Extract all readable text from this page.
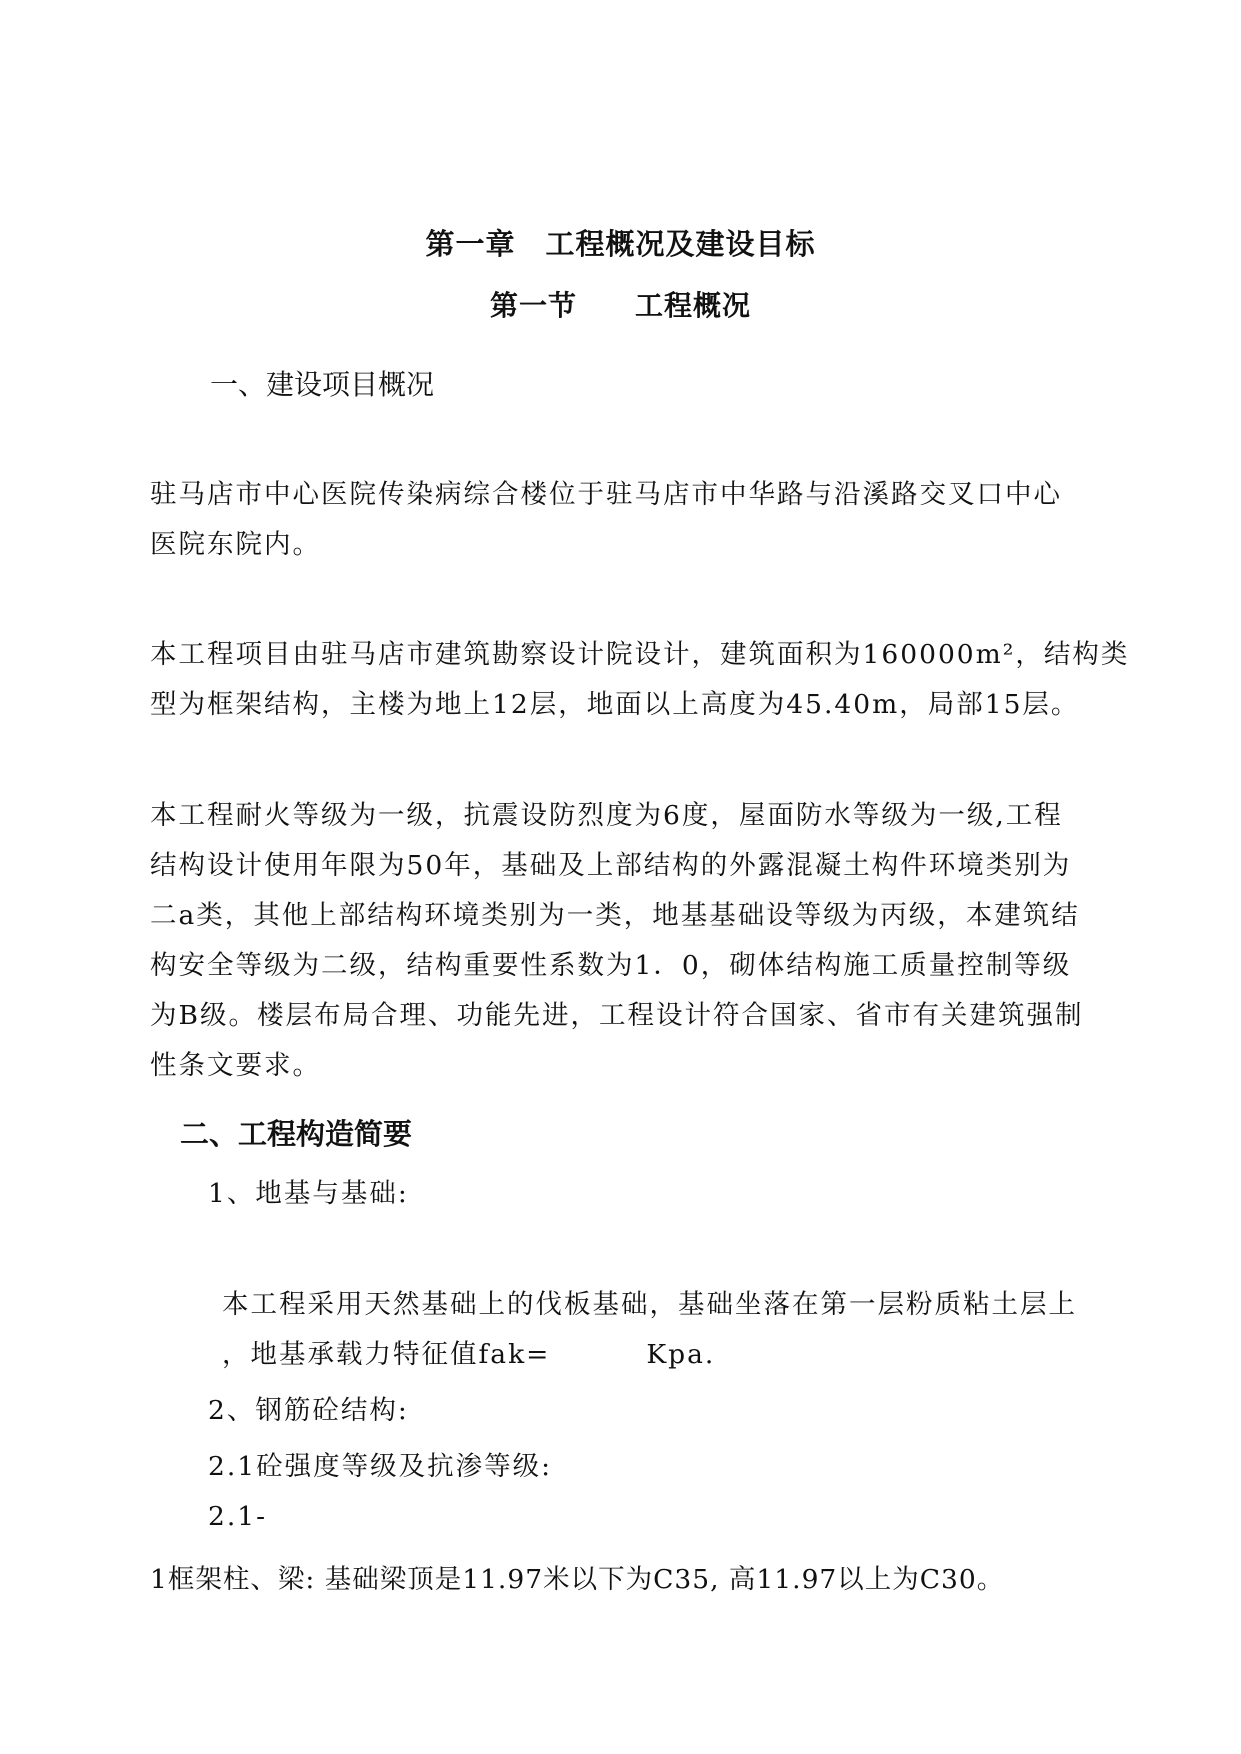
第一章　工程概况及建设目标
第一节　　工程概况
一、建设项目概况
驻马店市中心医院传染病综合楼位于驻马店市中华路与沿溪路交叉口中心
医院东院内。
本工程项目由驻马店市建筑勘察设计院设计，建筑面积为160000m²，结构类
型为框架结构，主楼为地上12层，地面以上高度为45.40m，局部15层。
本工程耐火等级为一级，抗震设防烈度为6度，屋面防水等级为一级,工程
结构设计使用年限为50年，基础及上部结构的外露混凝土构件环境类别为
二a类，其他上部结构环境类别为一类，地基基础设等级为丙级，本建筑结
构安全等级为二级，结构重要性系数为1．0，砌体结构施工质量控制等级
为B级。楼层布局合理、功能先进，工程设计符合国家、省市有关建筑强制
性条文要求。
二、工程构造简要
1、地基与基础:
本工程采用天然基础上的伐板基础，基础坐落在第一层粉质粘土层上
，地基承载力特征值fak=	Kpa.
2、钢筋砼结构:
2.1砼强度等级及抗渗等级:
2.1-
1框架柱、梁: 基础梁顶是11.97米以下为C35, 高11.97以上为C30。
